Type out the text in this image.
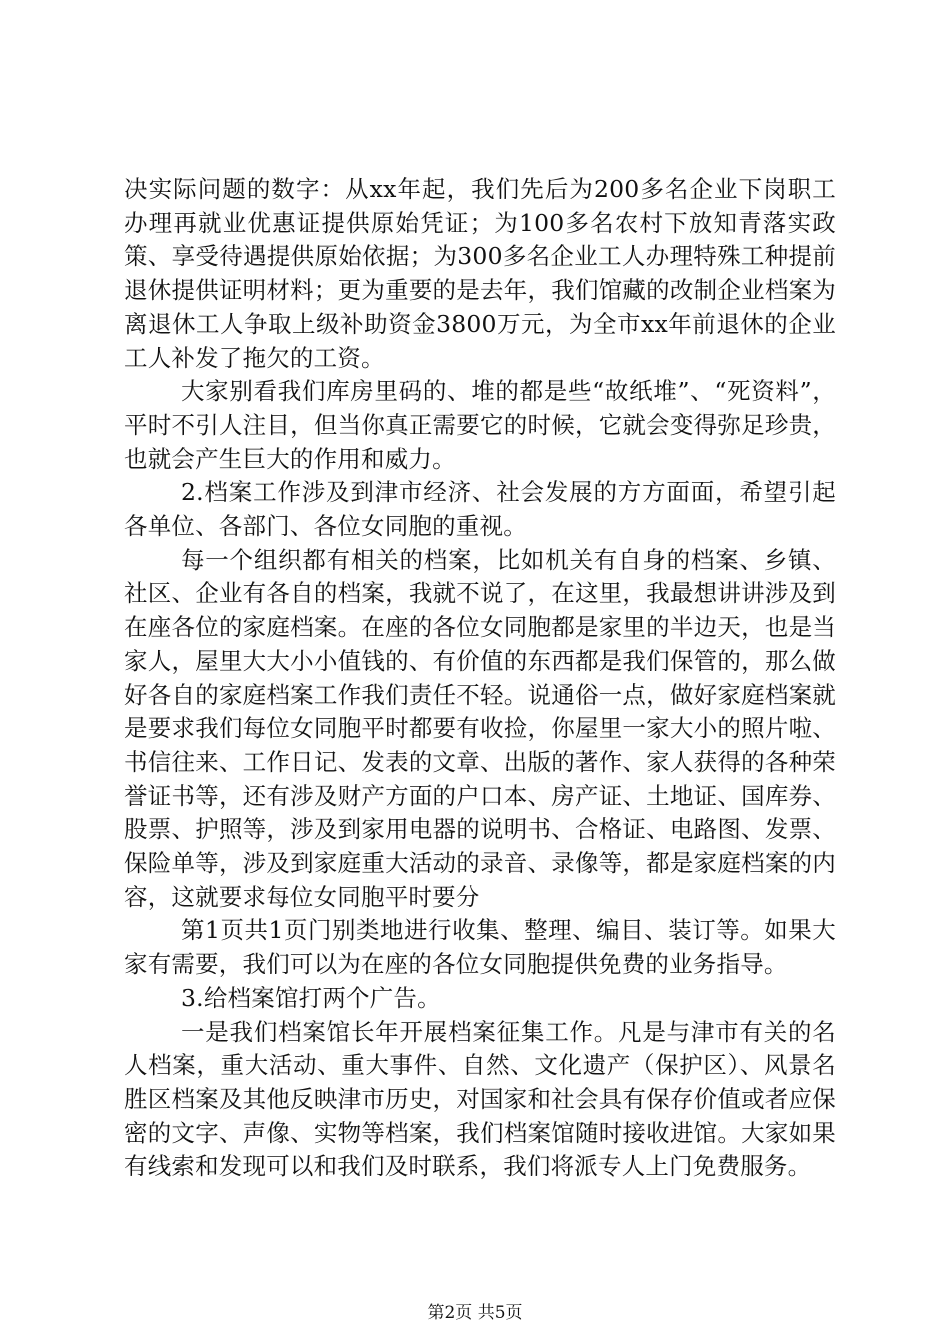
决实际问题的数字：从xx年起，我们先后为200多名企业下岗职工办理再就业优惠证提供原始凭证；为100多名农村下放知青落实政策、享受待遇提供原始依据；为300多名企业工人办理特殊工种提前退休提供证明材料；更为重要的是去年，我们馆藏的改制企业档案为离退休工人争取上级补助资金3800万元，为全市xx年前退休的企业工人补发了拖欠的工资。

大家别看我们库房里码的、堆的都是些“故纸堆”、“死资料”，平时不引人注目，但当你真正需要它的时候，它就会变得弥足珍贵，也就会产生巨大的作用和威力。

2.档案工作涉及到津市经济、社会发展的方方面面，希望引起各单位、各部门、各位女同胞的重视。

每一个组织都有相关的档案，比如机关有自身的档案、乡镇、社区、企业有各自的档案，我就不说了，在这里，我最想讲讲涉及到在座各位的家庭档案。在座的各位女同胞都是家里的半边天，也是当家人，屋里大大小小值钱的、有价值的东西都是我们保管的，那么做好各自的家庭档案工作我们责任不轻。说通俗一点，做好家庭档案就是要求我们每位女同胞平时都要有收捡，你屋里一家大小的照片啦、书信往来、工作日记、发表的文章、出版的著作、家人获得的各种荣誉证书等，还有涉及财产方面的户口本、房产证、土地证、国库券、股票、护照等，涉及到家用电器的说明书、合格证、电路图、发票、保险单等，涉及到家庭重大活动的录音、录像等，都是家庭档案的内容，这就要求每位女同胞平时要分

第1页共1页门别类地进行收集、整理、编目、装订等。如果大家有需要，我们可以为在座的各位女同胞提供免费的业务指导。

3.给档案馆打两个广告。

一是我们档案馆长年开展档案征集工作。凡是与津市有关的名人档案，重大活动、重大事件、自然、文化遗产（保护区）、风景名胜区档案及其他反映津市历史，对国家和社会具有保存价值或者应保密的文字、声像、实物等档案，我们档案馆随时接收进馆。大家如果有线索和发现可以和我们及时联系，我们将派专人上门免费服务。

第2页 共5页
